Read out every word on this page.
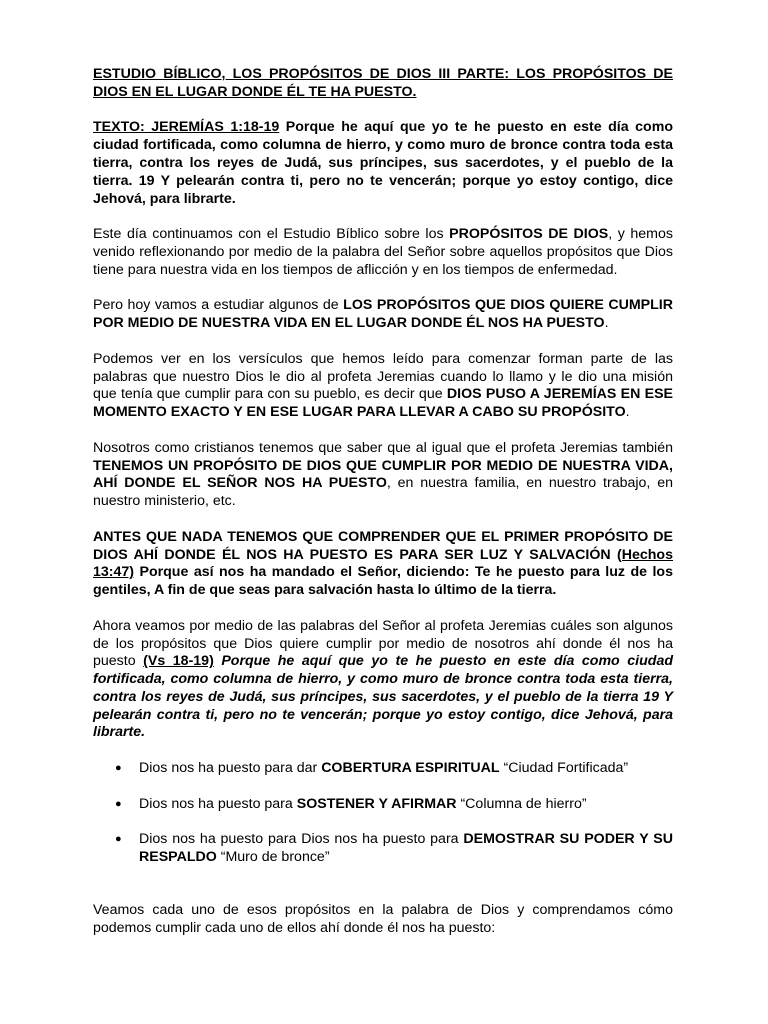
ESTUDIO BÍBLICO, LOS PROPÓSITOS DE DIOS III PARTE: LOS PROPÓSITOS DE DIOS EN EL LUGAR DONDE ÉL TE HA PUESTO.

TEXTO: JEREMÍAS 1:18-19 Porque he aquí que yo te he puesto en este día como ciudad fortificada, como columna de hierro, y como muro de bronce contra toda esta tierra, contra los reyes de Judá, sus príncipes, sus sacerdotes, y el pueblo de la tierra. 19 Y pelearán contra ti, pero no te vencerán; porque yo estoy contigo, dice Jehová, para librarte.

Este día continuamos con el Estudio Bíblico sobre los PROPÓSITOS DE DIOS, y hemos venido reflexionando por medio de la palabra del Señor sobre aquellos propósitos que Dios tiene para nuestra vida en los tiempos de aflicción y en los tiempos de enfermedad.

Pero hoy vamos a estudiar algunos de LOS PROPÓSITOS QUE DIOS QUIERE CUMPLIR POR MEDIO DE NUESTRA VIDA EN EL LUGAR DONDE ÉL NOS HA PUESTO.

Podemos ver en los versículos que hemos leído para comenzar forman parte de las palabras que nuestro Dios le dio al profeta Jeremias cuando lo llamo y le dio una misión que tenía que cumplir para con su pueblo, es decir que DIOS PUSO A JEREMÍAS EN ESE MOMENTO EXACTO Y EN ESE LUGAR PARA LLEVAR A CABO SU PROPÓSITO.

Nosotros como cristianos tenemos que saber que al igual que el profeta Jeremias también TENEMOS UN PROPÓSITO DE DIOS QUE CUMPLIR POR MEDIO DE NUESTRA VIDA, AHÍ DONDE EL SEÑOR NOS HA PUESTO, en nuestra familia, en nuestro trabajo, en nuestro ministerio, etc.

ANTES QUE NADA TENEMOS QUE COMPRENDER QUE EL PRIMER PROPÓSITO DE DIOS AHÍ DONDE ÉL NOS HA PUESTO ES PARA SER LUZ Y SALVACIÓN (Hechos 13:47) Porque así nos ha mandado el Señor, diciendo: Te he puesto para luz de los gentiles, A fin de que seas para salvación hasta lo último de la tierra.

Ahora veamos por medio de las palabras del Señor al profeta Jeremias cuáles son algunos de los propósitos que Dios quiere cumplir por medio de nosotros ahí donde él nos ha puesto (Vs 18-19) Porque he aquí que yo te he puesto en este día como ciudad fortificada, como columna de hierro, y como muro de bronce contra toda esta tierra, contra los reyes de Judá, sus príncipes, sus sacerdotes, y el pueblo de la tierra 19 Y pelearán contra ti, pero no te vencerán; porque yo estoy contigo, dice Jehová, para librarte.

● Dios nos ha puesto para dar COBERTURA ESPIRITUAL “Ciudad Fortificada”
● Dios nos ha puesto para SOSTENER Y AFIRMAR “Columna de hierro”
● Dios nos ha puesto para Dios nos ha puesto para DEMOSTRAR SU PODER Y SU RESPALDO “Muro de bronce”

Veamos cada uno de esos propósitos en la palabra de Dios y comprendamos cómo podemos cumplir cada uno de ellos ahí donde él nos ha puesto:
